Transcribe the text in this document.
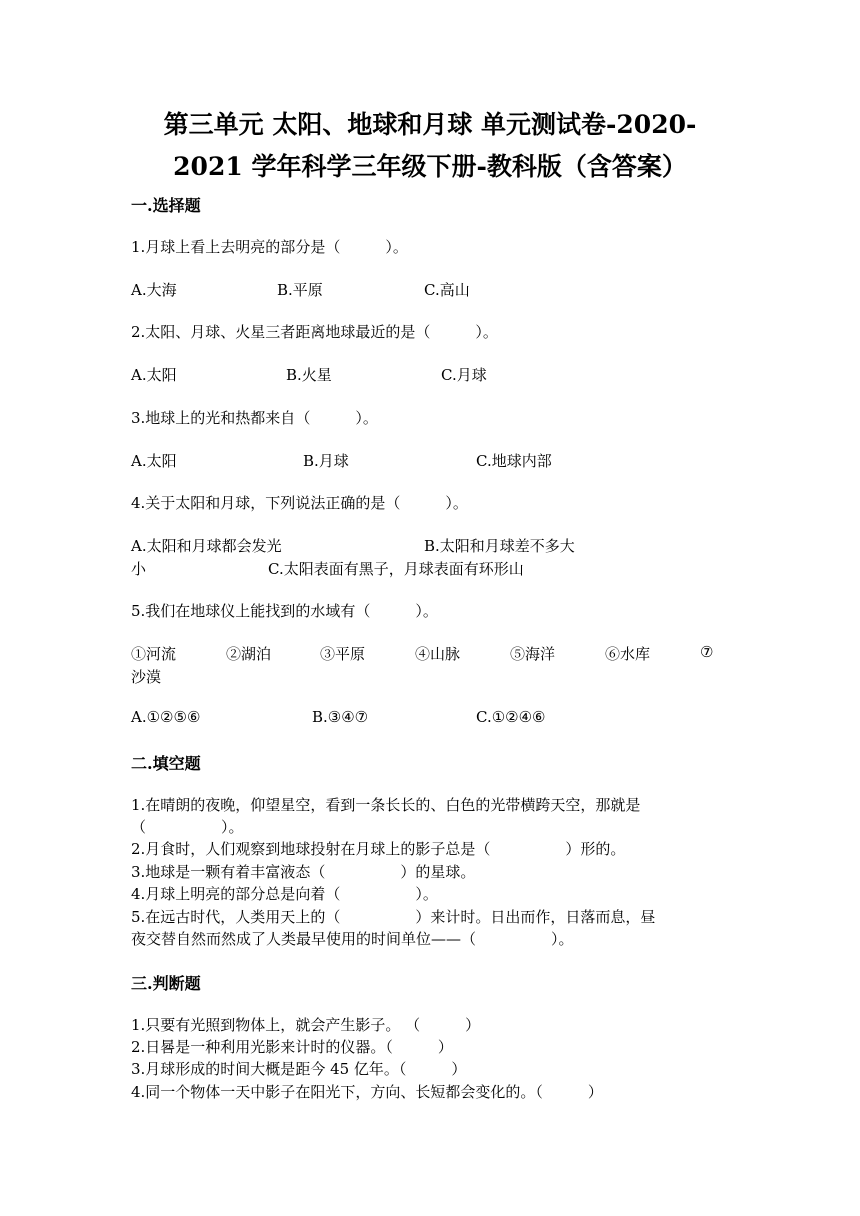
第三单元 太阳、地球和月球 单元测试卷-2020-
2021 学年科学三年级下册-教科版（含答案）
一.选择题
1.月球上看上去明亮的部分是（　　　）。
A.大海	B.平原	C.高山
2.太阳、月球、火星三者距离地球最近的是（　　　）。
A.太阳	B.火星	C.月球
3.地球上的光和热都来自（　　　）。
A.太阳	B.月球	C.地球内部
4.关于太阳和月球，下列说法正确的是（　　　）。
A.太阳和月球都会发光	B.太阳和月球差不多大
小	C.太阳表面有黑子，月球表面有环形山
5.我们在地球仪上能找到的水域有（　　　）。
①河流	②湖泊	③平原	④山脉	⑤海洋	⑥水库	⑦
沙漠
A.①②⑤⑥	B.③④⑦	C.①②④⑥
二.填空题
1.在晴朗的夜晚，仰望星空，看到一条长长的、白色的光带横跨天空，那就是
（　　　　　）。
2.月食时，人们观察到地球投射在月球上的影子总是（　　　　　）形的。
3.地球是一颗有着丰富液态（　　　　　）的星球。
4.月球上明亮的部分总是向着（　　　　　）。
5.在远古时代，人类用天上的（　　　　　）来计时。日出而作，日落而息，昼
夜交替自然而然成了人类最早使用的时间单位——（　　　　　）。
三.判断题
1.只要有光照到物体上，就会产生影子。 （　　　）
2.日晷是一种利用光影来计时的仪器。（　　　）
3.月球形成的时间大概是距今 45 亿年。（　　　）
4.同一个物体一天中影子在阳光下，方向、长短都会变化的。（　　　）
